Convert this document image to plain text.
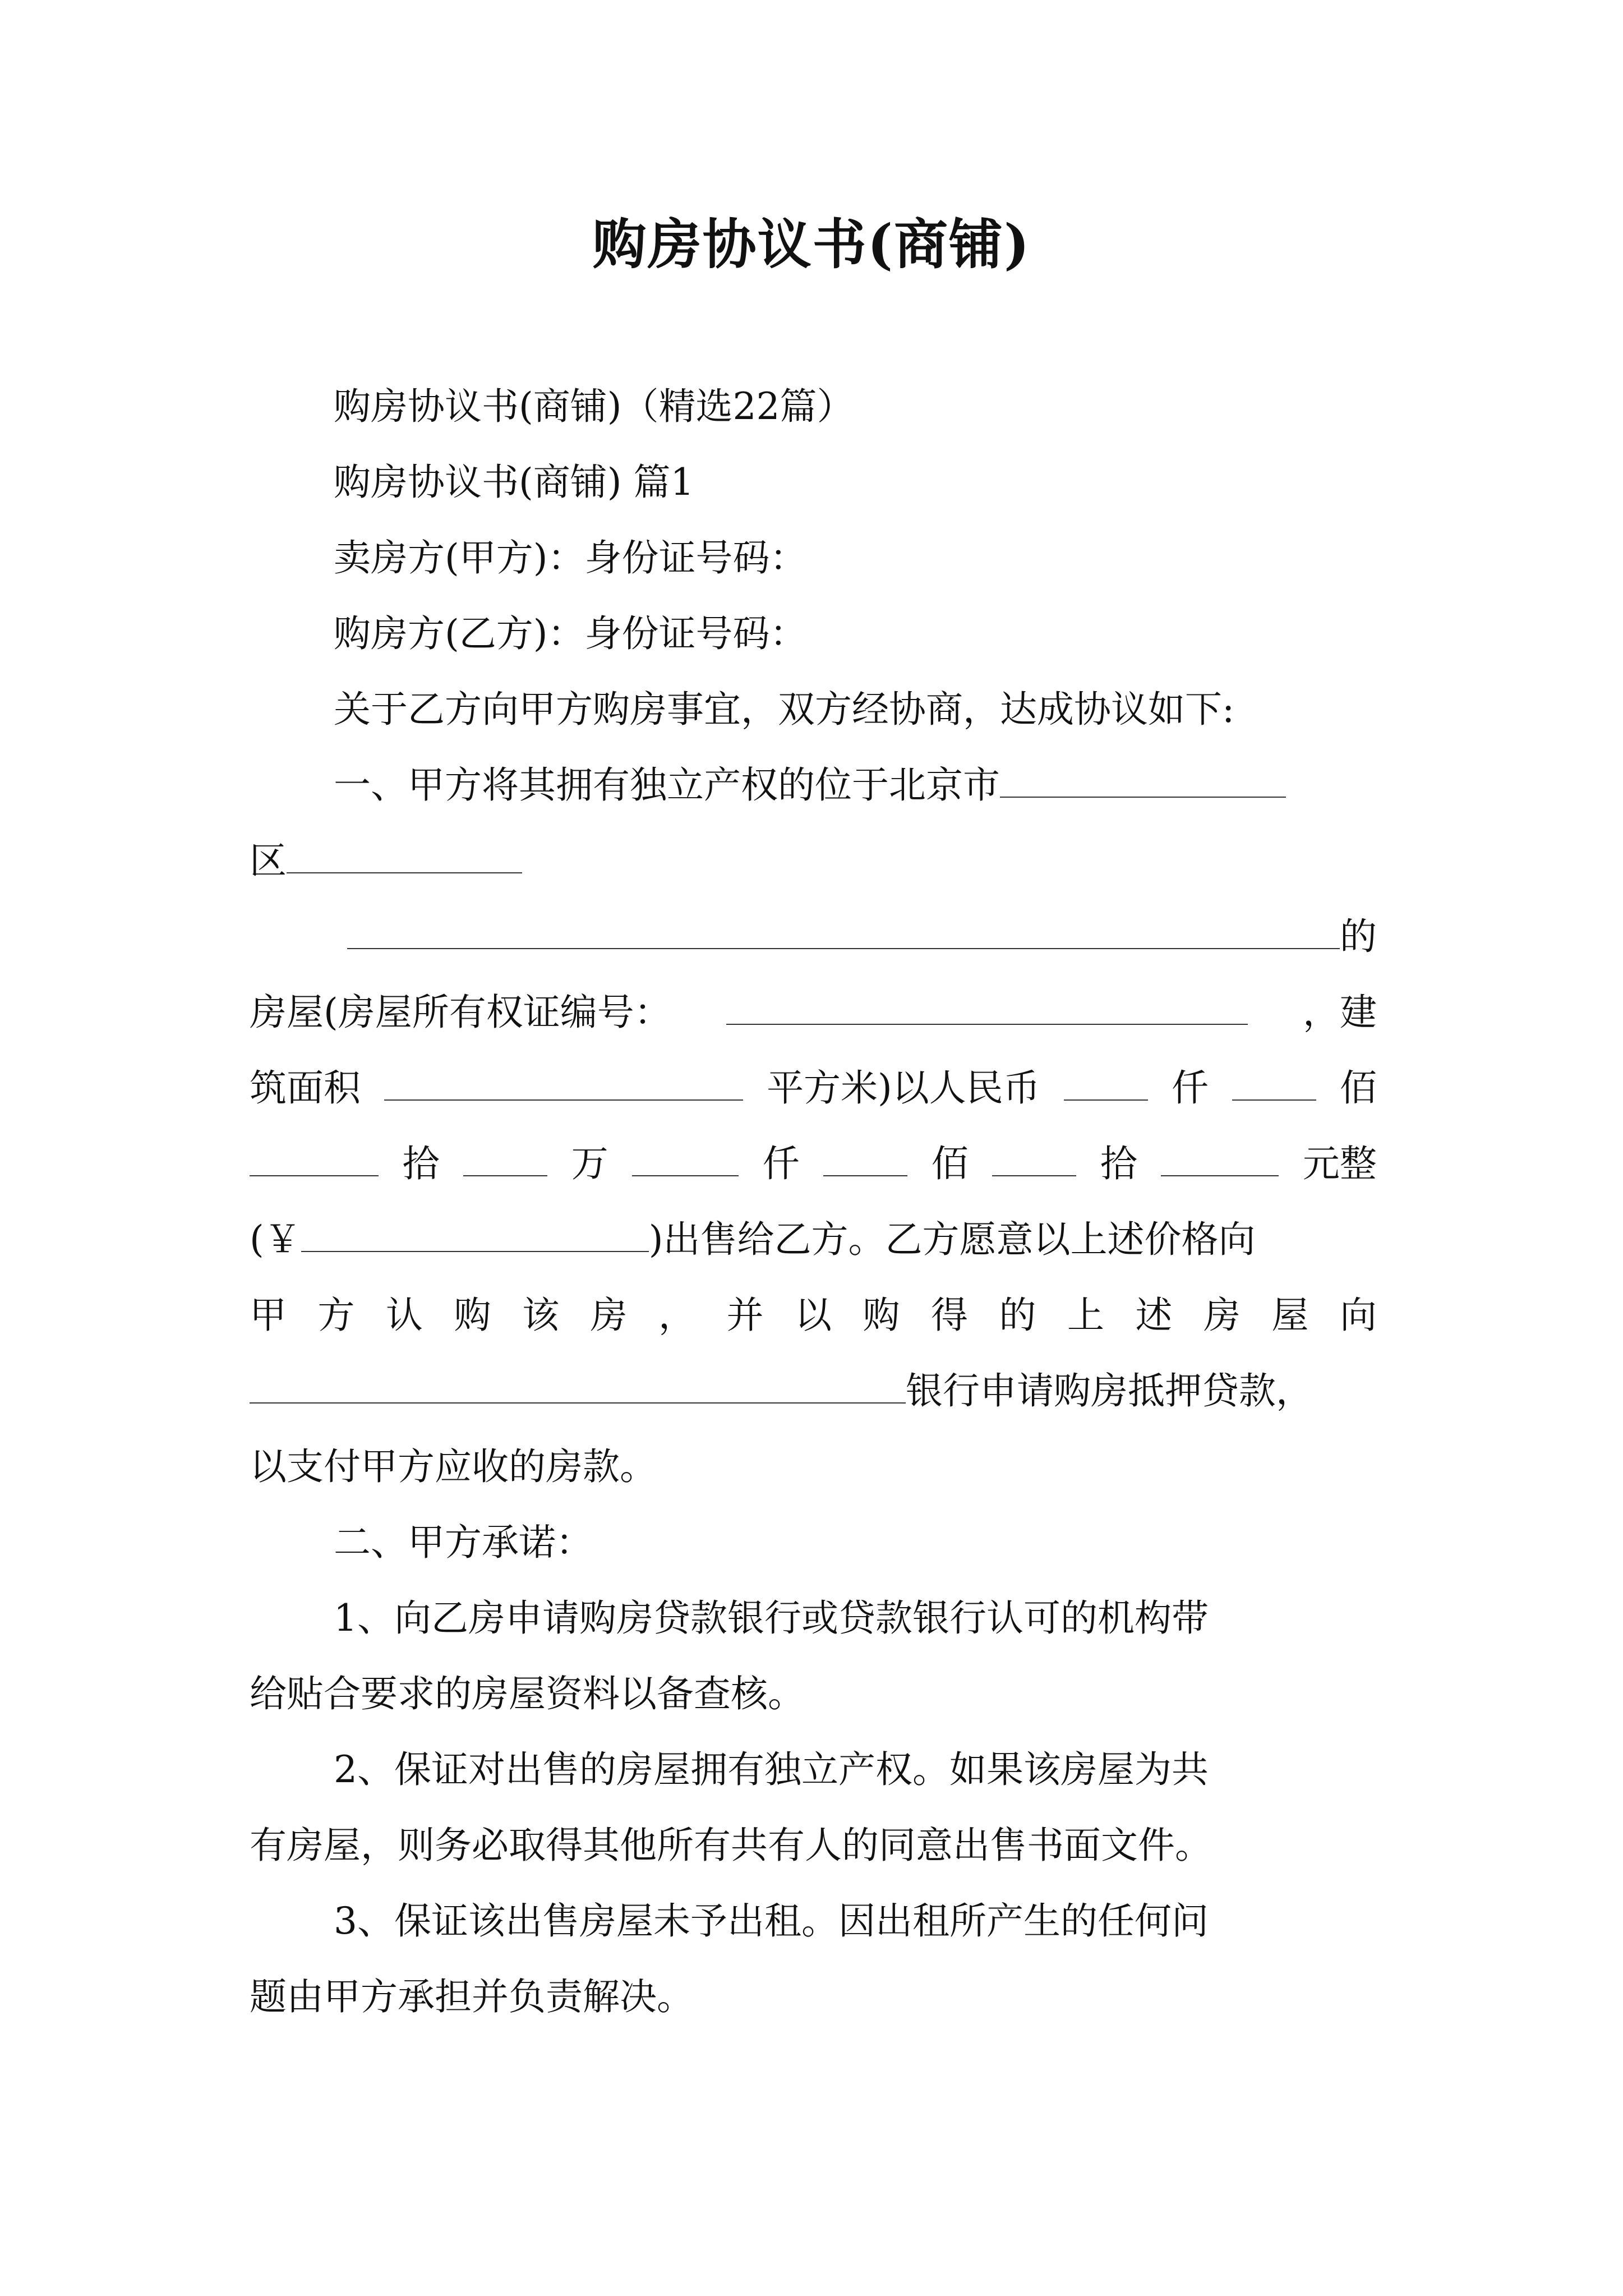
购房协议书(商铺)
购房协议书(商铺)（精选22篇）
购房协议书(商铺) 篇1
卖房方(甲方)：身份证号码：
购房方(乙方)：身份证号码：
关于乙方向甲方购房事宜，双方经协商，达成协议如下:
一、甲方将其拥有独立产权的位于北京市
区
的
房屋(房屋所有权证编号：	，建
筑面积	平方米)以人民币	仟	佰
拾	万	仟	佰	拾	元整
(￥	)出售给乙方。乙方愿意以上述价格向
甲 方 认 购 该 房 ， 并 以 购 得 的 上 述 房 屋 向
银行申请购房抵押贷款，
以支付甲方应收的房款。
二、甲方承诺：
1、向乙房申请购房贷款银行或贷款银行认可的机构带
给贴合要求的房屋资料以备查核。
2、保证对出售的房屋拥有独立产权。如果该房屋为共
有房屋，则务必取得其他所有共有人的同意出售书面文件。
3、保证该出售房屋未予出租。因出租所产生的任何问
题由甲方承担并负责解决。
